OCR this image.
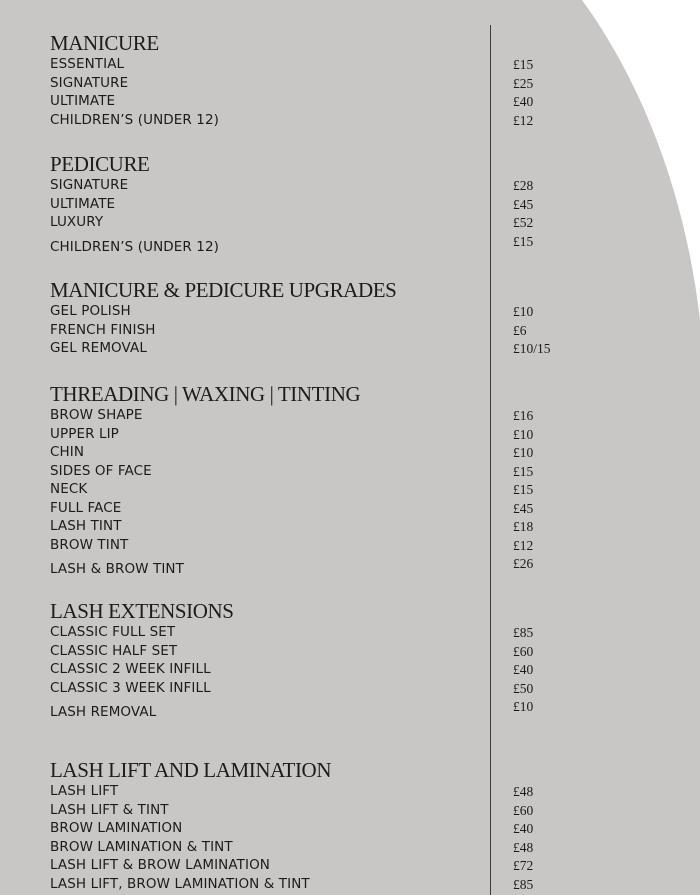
MANICURE
ESSENTIAL	£15
SIGNATURE	£25
ULTIMATE	£40
CHILDREN’S (UNDER 12)	£12
PEDICURE
SIGNATURE	£28
ULTIMATE	£45
LUXURY	£52
CHILDREN’S (UNDER 12)	£15
MANICURE & PEDICURE UPGRADES
GEL POLISH	£10
FRENCH FINISH	£6
GEL REMOVAL	£10/15
THREADING | WAXING | TINTING
BROW SHAPE	£16
UPPER LIP	£10
CHIN	£10
SIDES OF FACE	£15
NECK	£15
FULL FACE	£45
LASH TINT	£18
BROW TINT	£12
LASH & BROW TINT	£26
LASH EXTENSIONS
CLASSIC FULL SET	£85
CLASSIC HALF SET	£60
CLASSIC 2 WEEK INFILL	£40
CLASSIC 3 WEEK INFILL	£50
LASH REMOVAL	£10
LASH LIFT AND LAMINATION
LASH LIFT	£48
LASH LIFT & TINT	£60
BROW LAMINATION	£40
BROW LAMINATION & TINT	£48
LASH LIFT & BROW LAMINATION	£72
LASH LIFT, BROW LAMINATION & TINT	£85
